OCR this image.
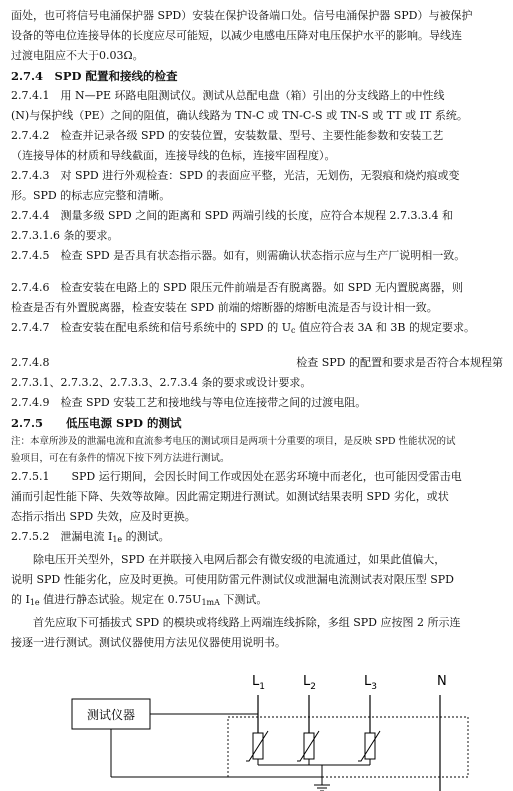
面处，也可将信号电涌保护器 SPD）安装在保护设备端口处。信号电涌保护器 SPD）与被保护

设备的等电位连接导体的长度应尽可能短，以减少电感电压降对电压保护水平的影响。导线连

过渡电阻应不大于0.03Ω。

2.7.4　SPD 配置和接线的检查

2.7.4.1　用 N—PE 环路电阻测试仪。测试从总配电盘（箱）引出的分支线路上的中性线

(N)与保护线（PE）之间的阻值，确认线路为 TN-C 或 TN-C-S 或 TN-S 或 TT 或 IT 系统。

2.7.4.2　检查并记录各级 SPD 的安装位置，安装数量、型号、主要性能参数和安装工艺

（连接导体的材质和导线截面，连接导线的色标，连接牢固程度）。

2.7.4.3　对 SPD 进行外观检查：SPD 的表面应平整，光洁，无划伤，无裂痕和烧灼痕或变

形。SPD 的标志应完整和清晰。

2.7.4.4　测量多级 SPD 之间的距离和 SPD 两端引线的长度，应符合本规程 2.7.3.3.4 和

2.7.3.1.6 条的要求。

2.7.4.5　检查 SPD 是否具有状态指示器。如有，则需确认状态指示应与生产厂说明相一致。

2.7.4.6　检查安装在电路上的 SPD 限压元件前端是否有脱离器。如 SPD 无内置脱离器，则

检查是否有外置脱离器，检查安装在 SPD 前端的熔断器的熔断电流是否与设计相一致。

2.7.4.7　检查安装在配电系统和信号系统中的 SPD 的 $U_c$ 值应符合表 3A 和 3B 的规定要求。

2.7.4.8	检查 SPD 的配置和要求是否符合本规程第

2.7.3.1、2.7.3.2、2.7.3.3、2.7.3.4 条的要求或设计要求。

2.7.4.9　检查 SPD 安装工艺和接地线与等电位连接带之间的过渡电阻。

2.7.5　　低压电源 SPD 的测试

注：本章所涉及的泄漏电流和直流参考电压的测试项目是两项十分重要的项目，是反映 SPD 性能状况的试

验项目，可在有条件的情况下按下列方法进行测试。

2.7.5.1　　SPD 运行期间，会因长时间工作或因处在恶劣环境中而老化，也可能因受雷击电

涌而引起性能下降、失效等故障。因此需定期进行测试。如测试结果表明 SPD 劣化，或状

态指示指出 SPD 失效，应及时更换。

2.7.5.2　泄漏电流 $I_{1e}$ 的测试。

除电压开关型外，SPD 在并联接入电网后都会有微安级的电流通过，如果此值偏大，

说明 SPD 性能劣化，应及时更换。可使用防雷元件测试仪或泄漏电流测试表对限压型 SPD

的 $I_{1e}$ 值进行静态试验。规定在 $0.75U_{1mA}$ 下测试。

首先应取下可插拔式 SPD 的模块或将线路上两端连线拆除，多组 SPD 应按图 2 所示连

接逐一进行测试。测试仪器使用方法见仪器使用说明书。

$L_1$	$L_2$	$L_3$	N
测试仪器
